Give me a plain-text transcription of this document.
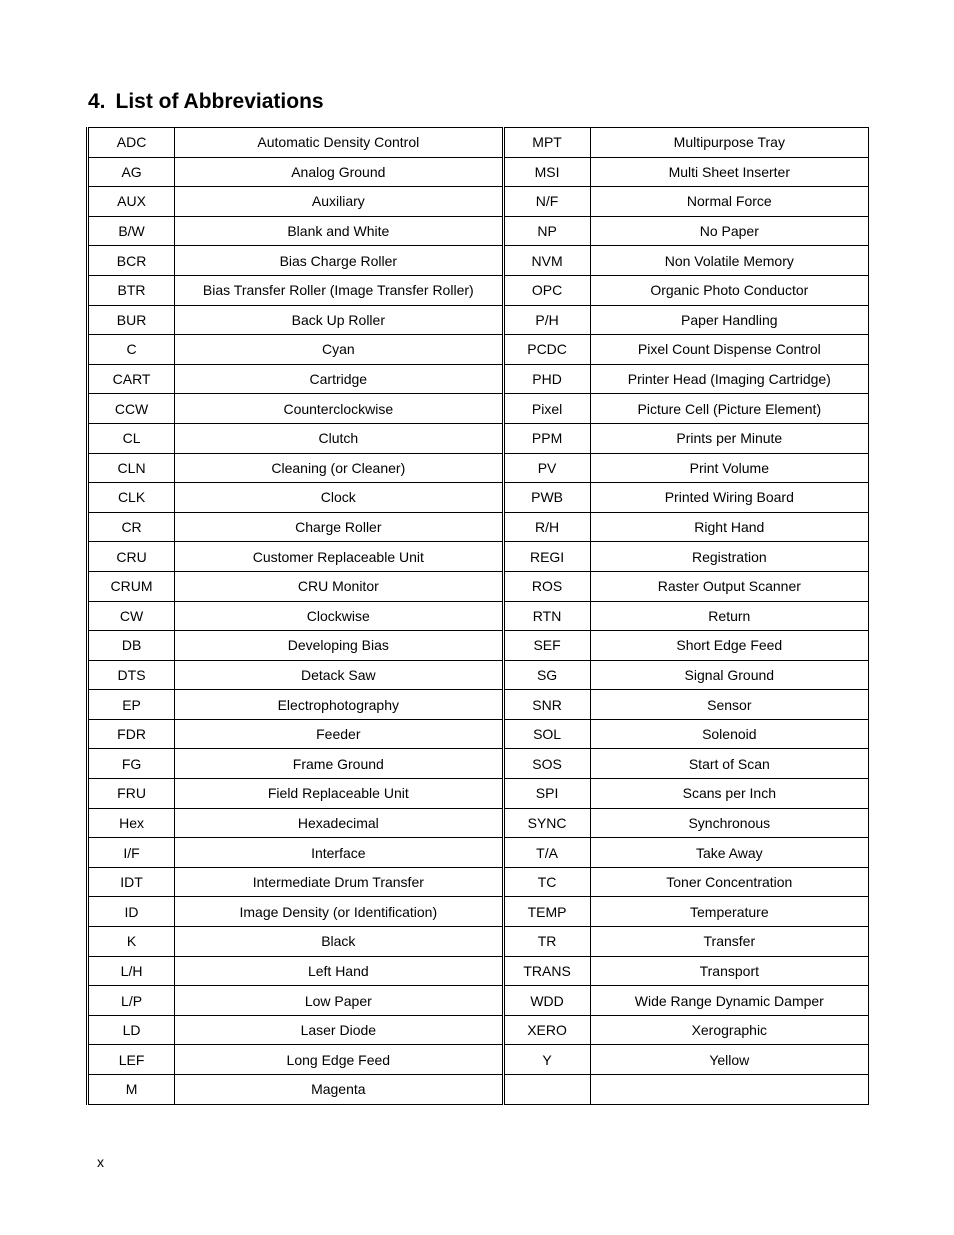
4. List of Abbreviations
ADC	Automatic Density Control	MPT	Multipurpose Tray
AG	Analog Ground	MSI	Multi Sheet Inserter
AUX	Auxiliary	N/F	Normal Force
B/W	Blank and White	NP	No Paper
BCR	Bias Charge Roller	NVM	Non Volatile Memory
BTR	Bias Transfer Roller (Image Transfer Roller)	OPC	Organic Photo Conductor
BUR	Back Up Roller	P/H	Paper Handling
C	Cyan	PCDC	Pixel Count Dispense Control
CART	Cartridge	PHD	Printer Head (Imaging Cartridge)
CCW	Counterclockwise	Pixel	Picture Cell (Picture Element)
CL	Clutch	PPM	Prints per Minute
CLN	Cleaning (or Cleaner)	PV	Print Volume
CLK	Clock	PWB	Printed Wiring Board
CR	Charge Roller	R/H	Right Hand
CRU	Customer Replaceable Unit	REGI	Registration
CRUM	CRU Monitor	ROS	Raster Output Scanner
CW	Clockwise	RTN	Return
DB	Developing Bias	SEF	Short Edge Feed
DTS	Detack Saw	SG	Signal Ground
EP	Electrophotography	SNR	Sensor
FDR	Feeder	SOL	Solenoid
FG	Frame Ground	SOS	Start of Scan
FRU	Field Replaceable Unit	SPI	Scans per Inch
Hex	Hexadecimal	SYNC	Synchronous
I/F	Interface	T/A	Take Away
IDT	Intermediate Drum Transfer	TC	Toner Concentration
ID	Image Density (or Identification)	TEMP	Temperature
K	Black	TR	Transfer
L/H	Left Hand	TRANS	Transport
L/P	Low Paper	WDD	Wide Range Dynamic Damper
LD	Laser Diode	XERO	Xerographic
LEF	Long Edge Feed	Y	Yellow
M	Magenta		
x
